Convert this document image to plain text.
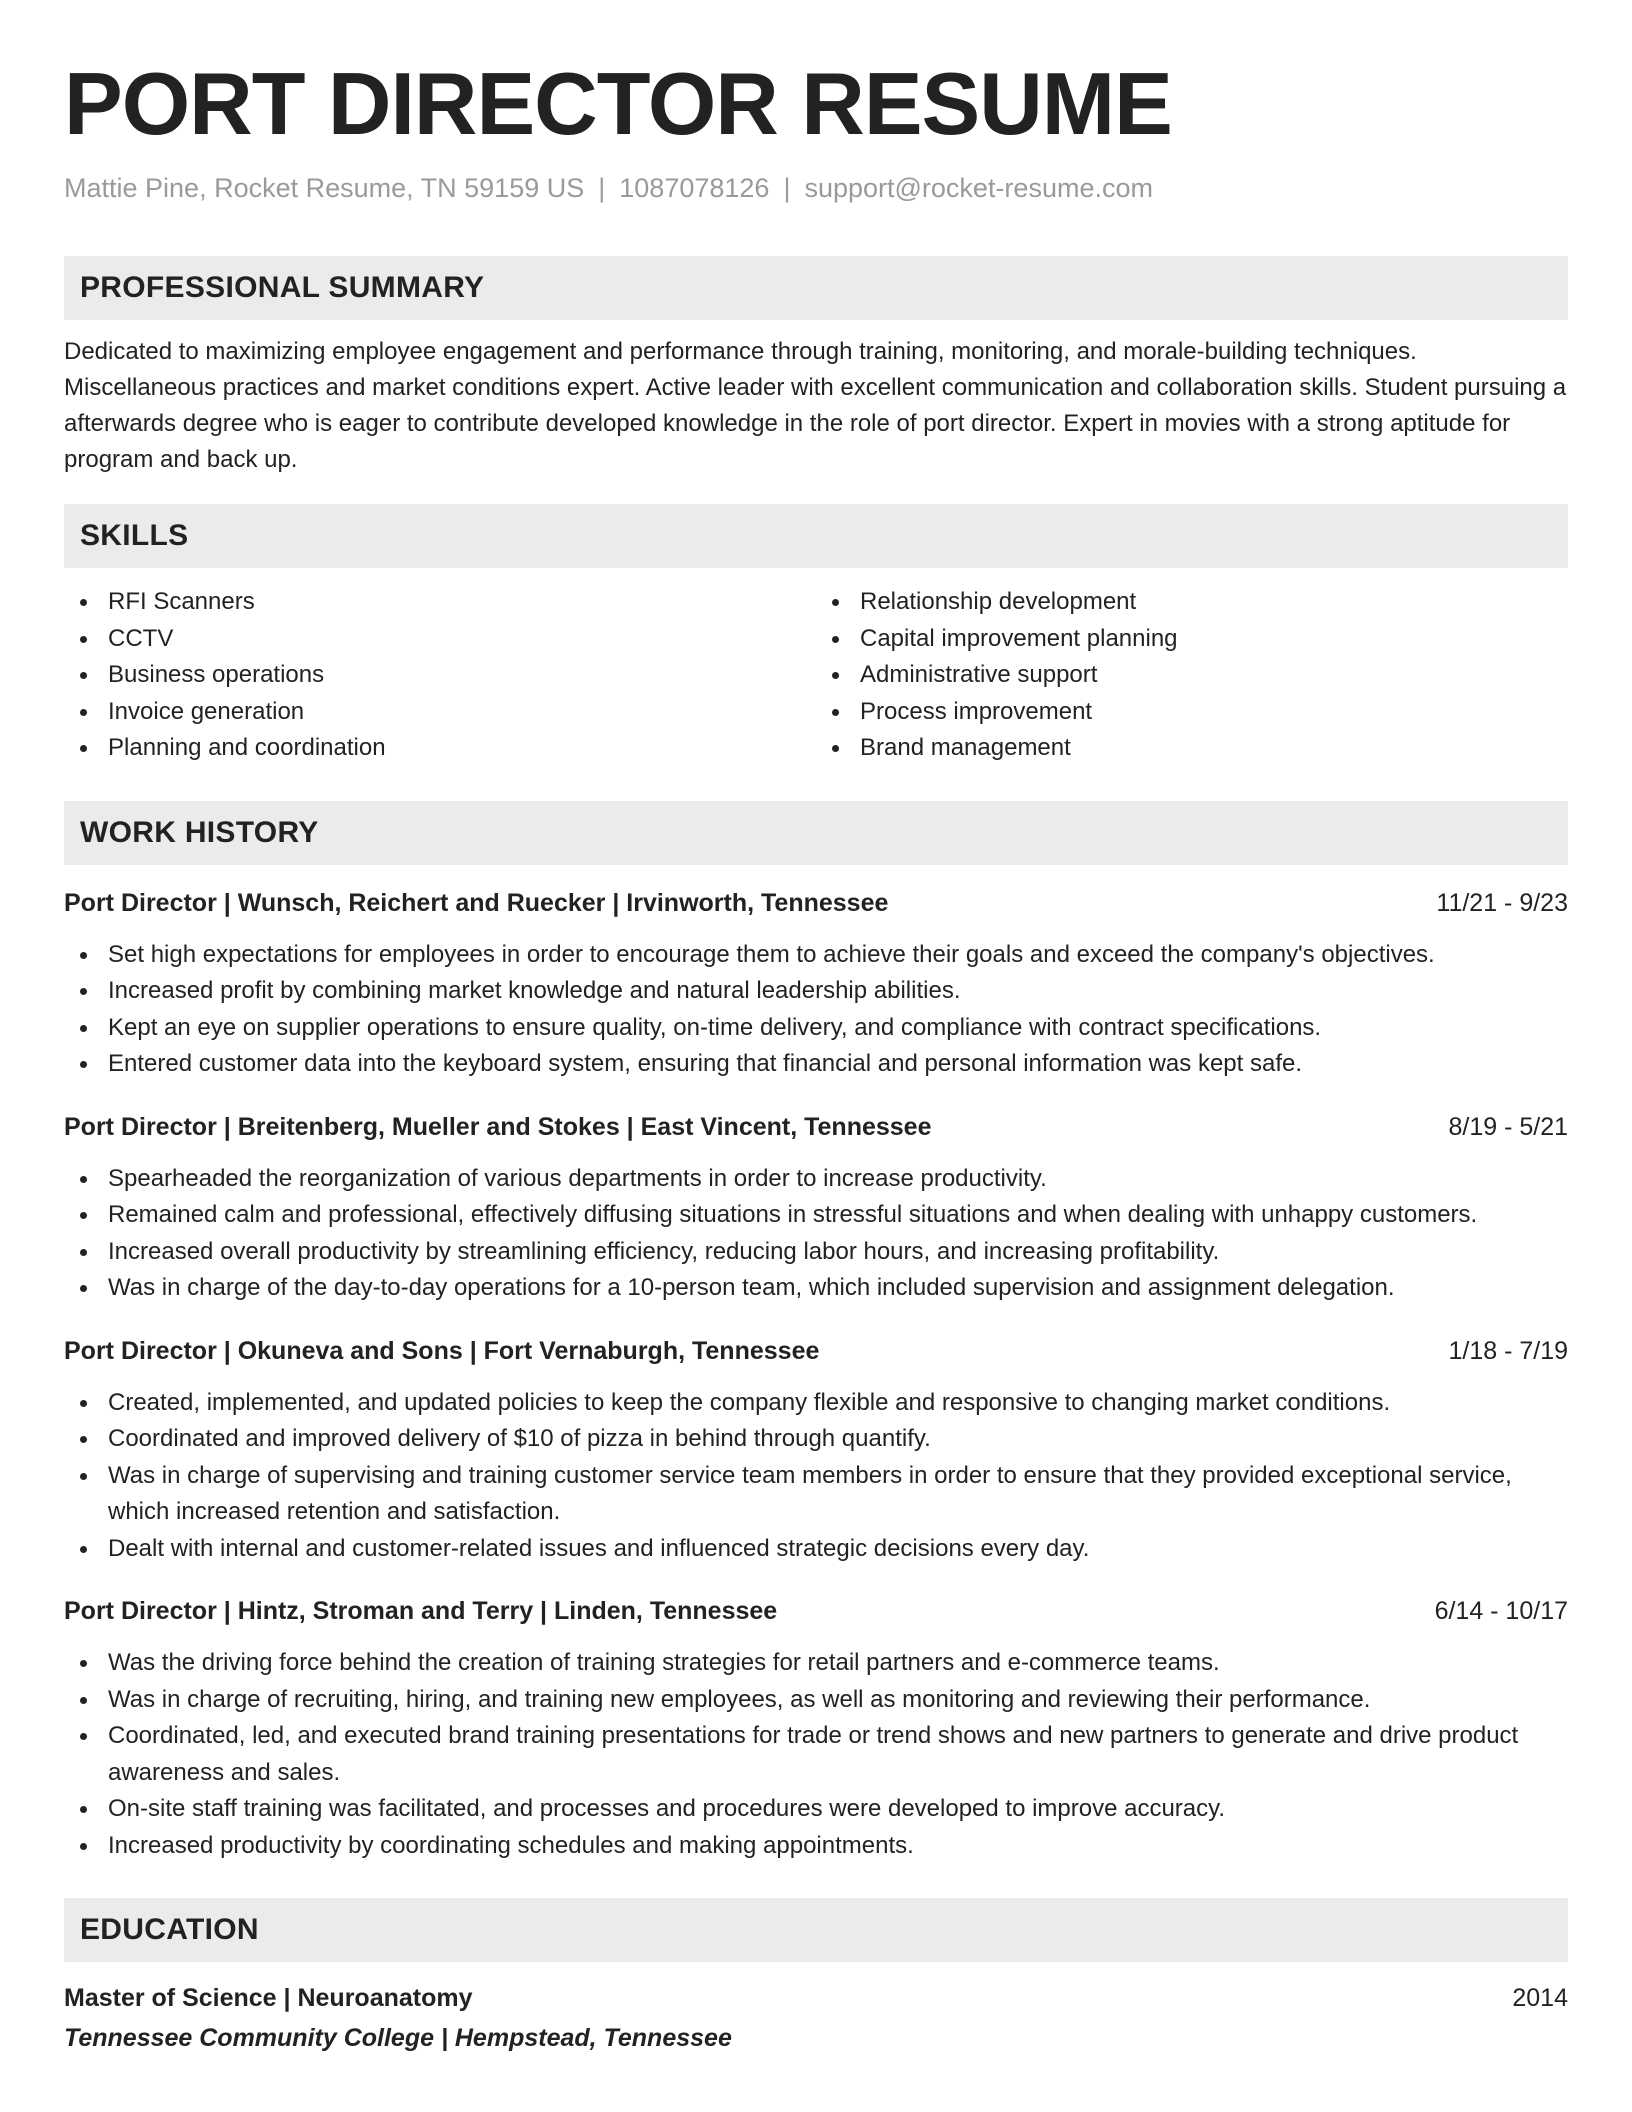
PORT DIRECTOR RESUME
Mattie Pine, Rocket Resume, TN 59159 US | 1087078126 | support@rocket-resume.com
PROFESSIONAL SUMMARY

Dedicated to maximizing employee engagement and performance through training, monitoring, and morale-building techniques. Miscellaneous practices and market conditions expert. Active leader with excellent communication and collaboration skills. Student pursuing a afterwards degree who is eager to contribute developed knowledge in the role of port director. Expert in movies with a strong aptitude for program and back up.

SKILLS
RFI Scanners
CCTV
Business operations
Invoice generation
Planning and coordination
Relationship development
Capital improvement planning
Administrative support
Process improvement
Brand management
WORK HISTORY
Port Director | Wunsch, Reichert and Ruecker | Irvinworth, Tennessee	11/21 - 9/23
Set high expectations for employees in order to encourage them to achieve their goals and exceed the company's objectives.
Increased profit by combining market knowledge and natural leadership abilities.
Kept an eye on supplier operations to ensure quality, on-time delivery, and compliance with contract specifications.
Entered customer data into the keyboard system, ensuring that financial and personal information was kept safe.
Port Director | Breitenberg, Mueller and Stokes | East Vincent, Tennessee	8/19 - 5/21
Spearheaded the reorganization of various departments in order to increase productivity.
Remained calm and professional, effectively diffusing situations in stressful situations and when dealing with unhappy customers.
Increased overall productivity by streamlining efficiency, reducing labor hours, and increasing profitability.
Was in charge of the day-to-day operations for a 10-person team, which included supervision and assignment delegation.
Port Director | Okuneva and Sons | Fort Vernaburgh, Tennessee	1/18 - 7/19
Created, implemented, and updated policies to keep the company flexible and responsive to changing market conditions.
Coordinated and improved delivery of $10 of pizza in behind through quantify.
Was in charge of supervising and training customer service team members in order to ensure that they provided exceptional service, which increased retention and satisfaction.
Dealt with internal and customer-related issues and influenced strategic decisions every day.
Port Director | Hintz, Stroman and Terry | Linden, Tennessee	6/14 - 10/17
Was the driving force behind the creation of training strategies for retail partners and e-commerce teams.
Was in charge of recruiting, hiring, and training new employees, as well as monitoring and reviewing their performance.
Coordinated, led, and executed brand training presentations for trade or trend shows and new partners to generate and drive product awareness and sales.
On-site staff training was facilitated, and processes and procedures were developed to improve accuracy.
Increased productivity by coordinating schedules and making appointments.
EDUCATION
Master of Science | Neuroanatomy	2014
Tennessee Community College | Hempstead, Tennessee
